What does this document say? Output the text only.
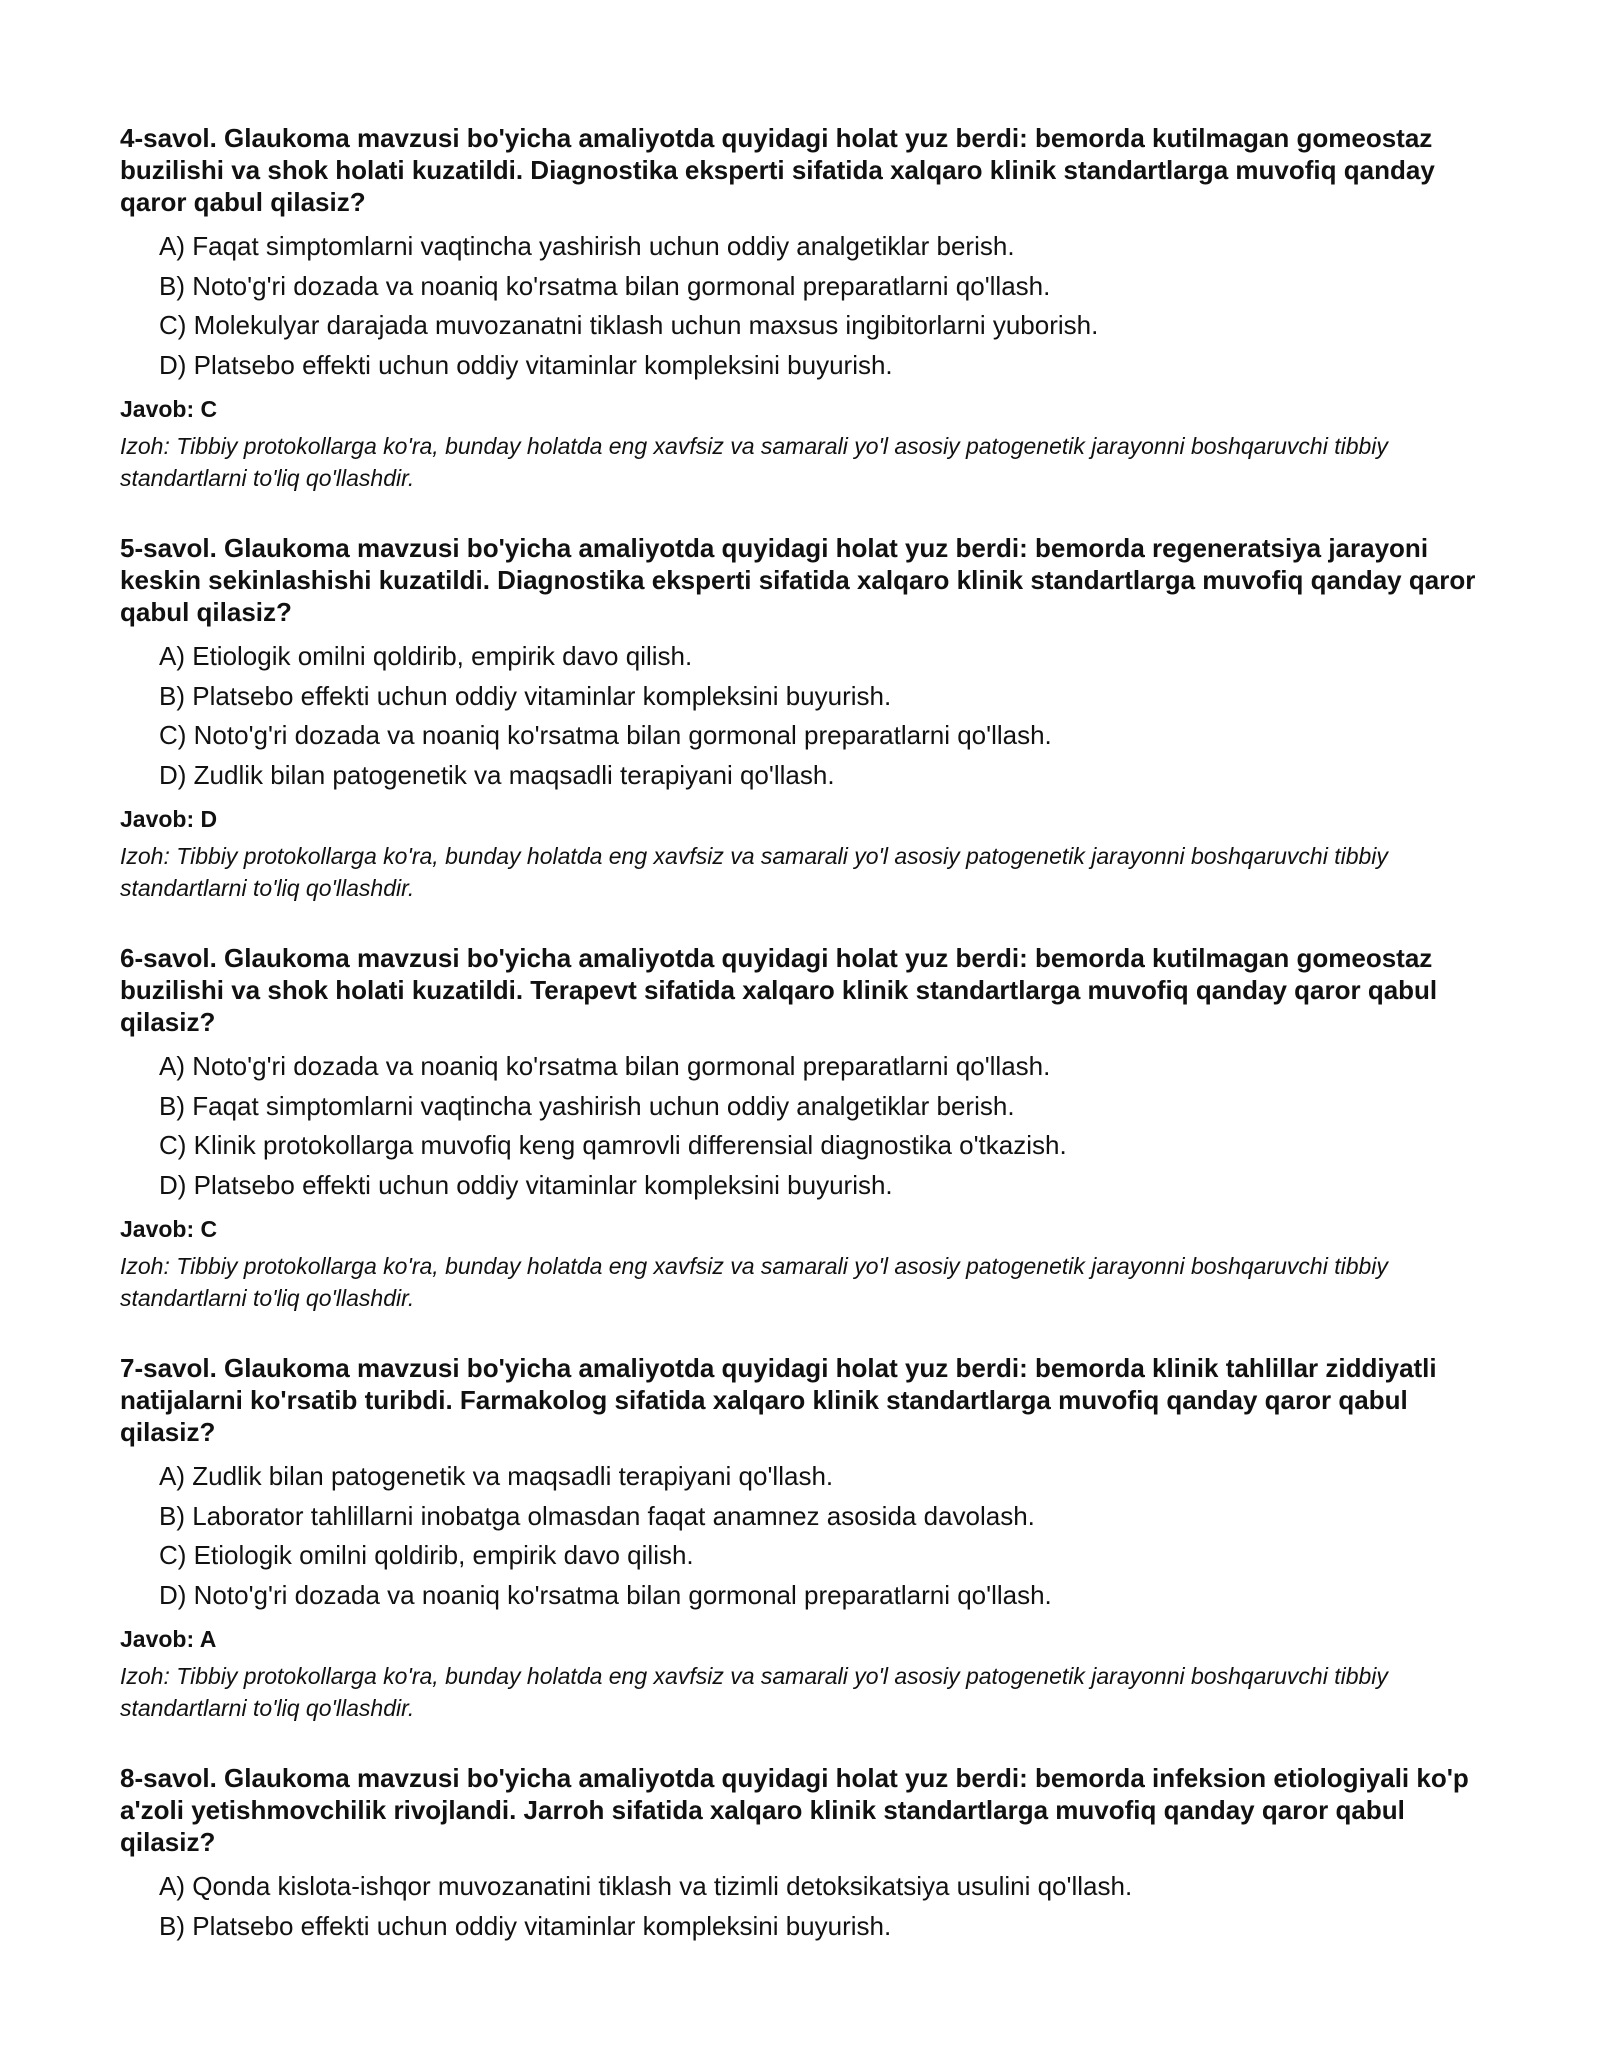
4-savol. Glaukoma mavzusi bo'yicha amaliyotda quyidagi holat yuz berdi: bemorda kutilmagan gomeostaz buzilishi va shok holati kuzatildi. Diagnostika eksperti sifatida xalqaro klinik standartlarga muvofiq qanday qaror qabul qilasiz?

A) Faqat simptomlarni vaqtincha yashirish uchun oddiy analgetiklar berish.
B) Noto'g'ri dozada va noaniq ko'rsatma bilan gormonal preparatlarni qo'llash.
C) Molekulyar darajada muvozanatni tiklash uchun maxsus ingibitorlarni yuborish.
D) Platsebo effekti uchun oddiy vitaminlar kompleksini buyurish.

Javob: C

Izoh: Tibbiy protokollarga ko'ra, bunday holatda eng xavfsiz va samarali yo'l asosiy patogenetik jarayonni boshqaruvchi tibbiy standartlarni to'liq qo'llashdir.

5-savol. Glaukoma mavzusi bo'yicha amaliyotda quyidagi holat yuz berdi: bemorda regeneratsiya jarayoni keskin sekinlashishi kuzatildi. Diagnostika eksperti sifatida xalqaro klinik standartlarga muvofiq qanday qaror qabul qilasiz?

A) Etiologik omilni qoldirib, empirik davo qilish.
B) Platsebo effekti uchun oddiy vitaminlar kompleksini buyurish.
C) Noto'g'ri dozada va noaniq ko'rsatma bilan gormonal preparatlarni qo'llash.
D) Zudlik bilan patogenetik va maqsadli terapiyani qo'llash.

Javob: D

Izoh: Tibbiy protokollarga ko'ra, bunday holatda eng xavfsiz va samarali yo'l asosiy patogenetik jarayonni boshqaruvchi tibbiy standartlarni to'liq qo'llashdir.

6-savol. Glaukoma mavzusi bo'yicha amaliyotda quyidagi holat yuz berdi: bemorda kutilmagan gomeostaz buzilishi va shok holati kuzatildi. Terapevt sifatida xalqaro klinik standartlarga muvofiq qanday qaror qabul qilasiz?

A) Noto'g'ri dozada va noaniq ko'rsatma bilan gormonal preparatlarni qo'llash.
B) Faqat simptomlarni vaqtincha yashirish uchun oddiy analgetiklar berish.
C) Klinik protokollarga muvofiq keng qamrovli differensial diagnostika o'tkazish.
D) Platsebo effekti uchun oddiy vitaminlar kompleksini buyurish.

Javob: C

Izoh: Tibbiy protokollarga ko'ra, bunday holatda eng xavfsiz va samarali yo'l asosiy patogenetik jarayonni boshqaruvchi tibbiy standartlarni to'liq qo'llashdir.

7-savol. Glaukoma mavzusi bo'yicha amaliyotda quyidagi holat yuz berdi: bemorda klinik tahlillar ziddiyatli natijalarni ko'rsatib turibdi. Farmakolog sifatida xalqaro klinik standartlarga muvofiq qanday qaror qabul qilasiz?

A) Zudlik bilan patogenetik va maqsadli terapiyani qo'llash.
B) Laborator tahlillarni inobatga olmasdan faqat anamnez asosida davolash.
C) Etiologik omilni qoldirib, empirik davo qilish.
D) Noto'g'ri dozada va noaniq ko'rsatma bilan gormonal preparatlarni qo'llash.

Javob: A

Izoh: Tibbiy protokollarga ko'ra, bunday holatda eng xavfsiz va samarali yo'l asosiy patogenetik jarayonni boshqaruvchi tibbiy standartlarni to'liq qo'llashdir.

8-savol. Glaukoma mavzusi bo'yicha amaliyotda quyidagi holat yuz berdi: bemorda infeksion etiologiyali ko'p a'zoli yetishmovchilik rivojlandi. Jarroh sifatida xalqaro klinik standartlarga muvofiq qanday qaror qabul qilasiz?

A) Qonda kislota-ishqor muvozanatini tiklash va tizimli detoksikatsiya usulini qo'llash.
B) Platsebo effekti uchun oddiy vitaminlar kompleksini buyurish.
